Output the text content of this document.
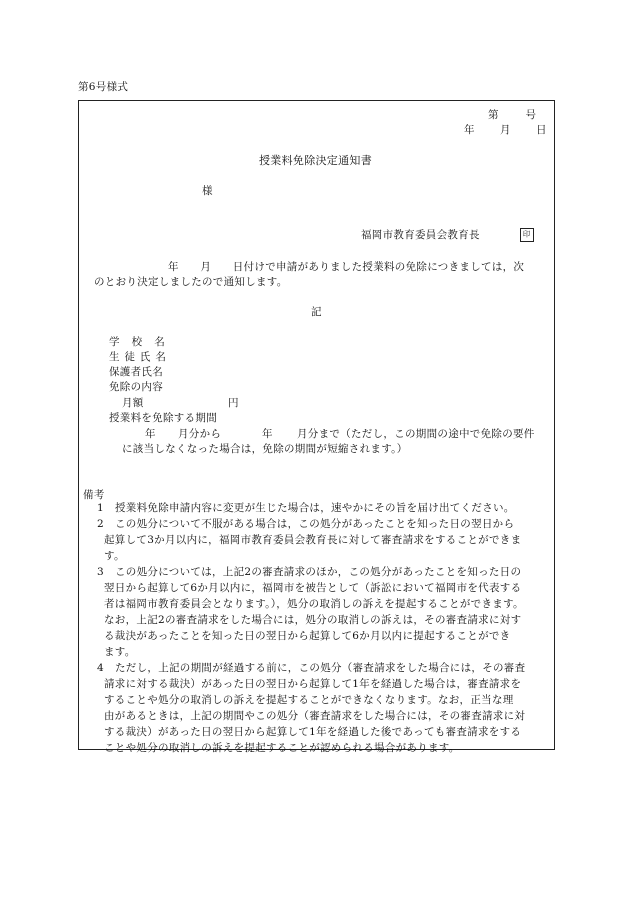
第6号様式
第　　号
年　　月　　日
授業料免除決定通知書
様
福岡市教育委員会教育長	印
年　　月　　日付けで申請がありました授業料の免除につきましては，次
のとおり決定しましたので通知します。
記
学　校　名
生 徒 氏 名
保護者氏名
免除の内容
月額	円
授業料を免除する期間
年 月分から	年 月分まで（ただし，この期間の途中で免除の要件
に該当しなくなった場合は，免除の期間が短縮されます。）
備考
1 授業料免除申請内容に変更が生じた場合は，速やかにその旨を届け出てください。
2 この処分について不服がある場合は，この処分があったことを知った日の翌日から
起算して3か月以内に，福岡市教育委員会教育長に対して審査請求をすることができま
す。
3 この処分については，上記2の審査請求のほか，この処分があったことを知った日の
翌日から起算して6か月以内に，福岡市を被告として（訴訟において福岡市を代表する
者は福岡市教育委員会となります。），処分の取消しの訴えを提起することができます。
なお，上記2の審査請求をした場合には，処分の取消しの訴えは，その審査請求に対す
る裁決があったことを知った日の翌日から起算して6か月以内に提起することができ
ます。
4 ただし，上記の期間が経過する前に，この処分（審査請求をした場合には，その審査
請求に対する裁決）があった日の翌日から起算して1年を経過した場合は，審査請求を
することや処分の取消しの訴えを提起することができなくなります。なお，正当な理
由があるときは，上記の期間やこの処分（審査請求をした場合には，その審査請求に対
する裁決）があった日の翌日から起算して1年を経過した後であっても審査請求をする
ことや処分の取消しの訴えを提起することが認められる場合があります。
